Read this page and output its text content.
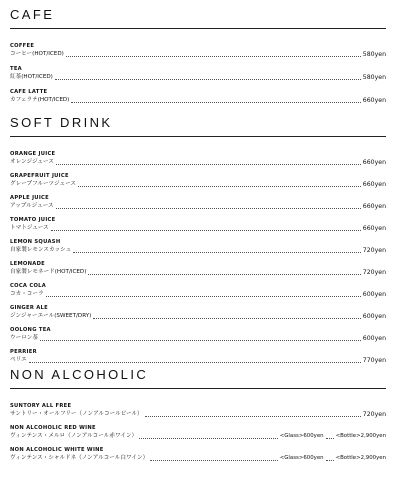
CAFE
COFFEE
コーヒー(HOT/ICED)	580yen
TEA
紅茶(HOT/ICED)	580yen
CAFE LATTE
カフェラテ(HOT/ICED)	660yen
SOFT DRINK
ORANGE JUICE
オレンジジュース	660yen
GRAPEFRUIT JUICE
グレープフルーツジュース	660yen
APPLE JUICE
アップルジュース	660yen
TOMATO JUICE
トマトジュース	660yen
LEMON SQUASH
自家製レモンスカッシュ	720yen
LEMONADE
自家製レモネード(HOT/ICED)	720yen
COCA COLA
コカ・コーラ	600yen
GINGER ALE
ジンジャーエール(SWEET/DRY)	600yen
OOLONG TEA
ウーロン茶	600yen
PERRIER
ペリエ	770yen
NON ALCOHOLIC
SUNTORY ALL FREE
サントリー・オールフリー（ノンアルコールビール）	720yen
NON ALCOHOLIC RED WINE
ヴィンテンス・メルロ（ノンアルコール赤ワイン）	<Glass>600yen <Bottle>2,900yen
NON ALCOHOLIC WHITE WINE
ヴィンテンス・シャルドネ（ノンアルコール白ワイン）	<Glass>600yen <Bottle>2,900yen
